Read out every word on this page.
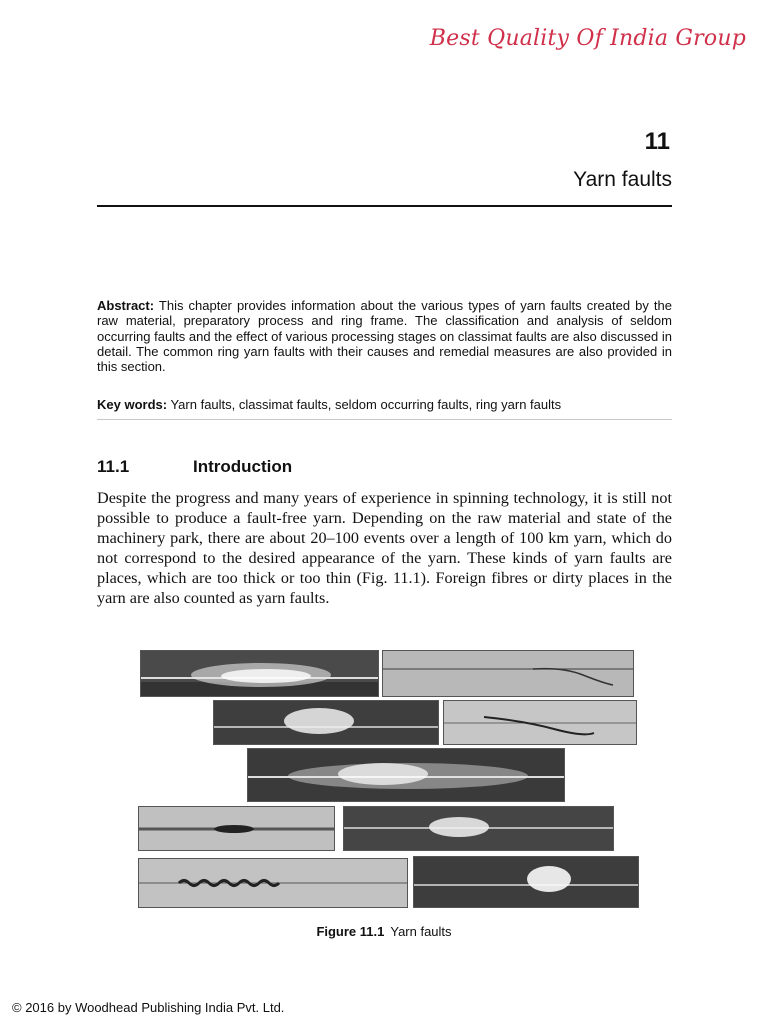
Best Quality Of India Group
11
Yarn faults
Abstract: This chapter provides information about the various types of yarn faults created by the raw material, preparatory process and ring frame. The classification and analysis of seldom occurring faults and the effect of various processing stages on classimat faults are also discussed in detail. The common ring yarn faults with their causes and remedial measures are also provided in this section.
Key words: Yarn faults, classimat faults, seldom occurring faults, ring yarn faults
11.1	Introduction
Despite the progress and many years of experience in spinning technology, it is still not possible to produce a fault-free yarn. Depending on the raw material and state of the machinery park, there are about 20–100 events over a length of 100 km yarn, which do not correspond to the desired appearance of the yarn. These kinds of yarn faults are places, which are too thick or too thin (Fig. 11.1). Foreign fibres or dirty places in the yarn are also counted as yarn faults.
Figure 11.1 Yarn faults
© 2016 by Woodhead Publishing India Pvt. Ltd.
